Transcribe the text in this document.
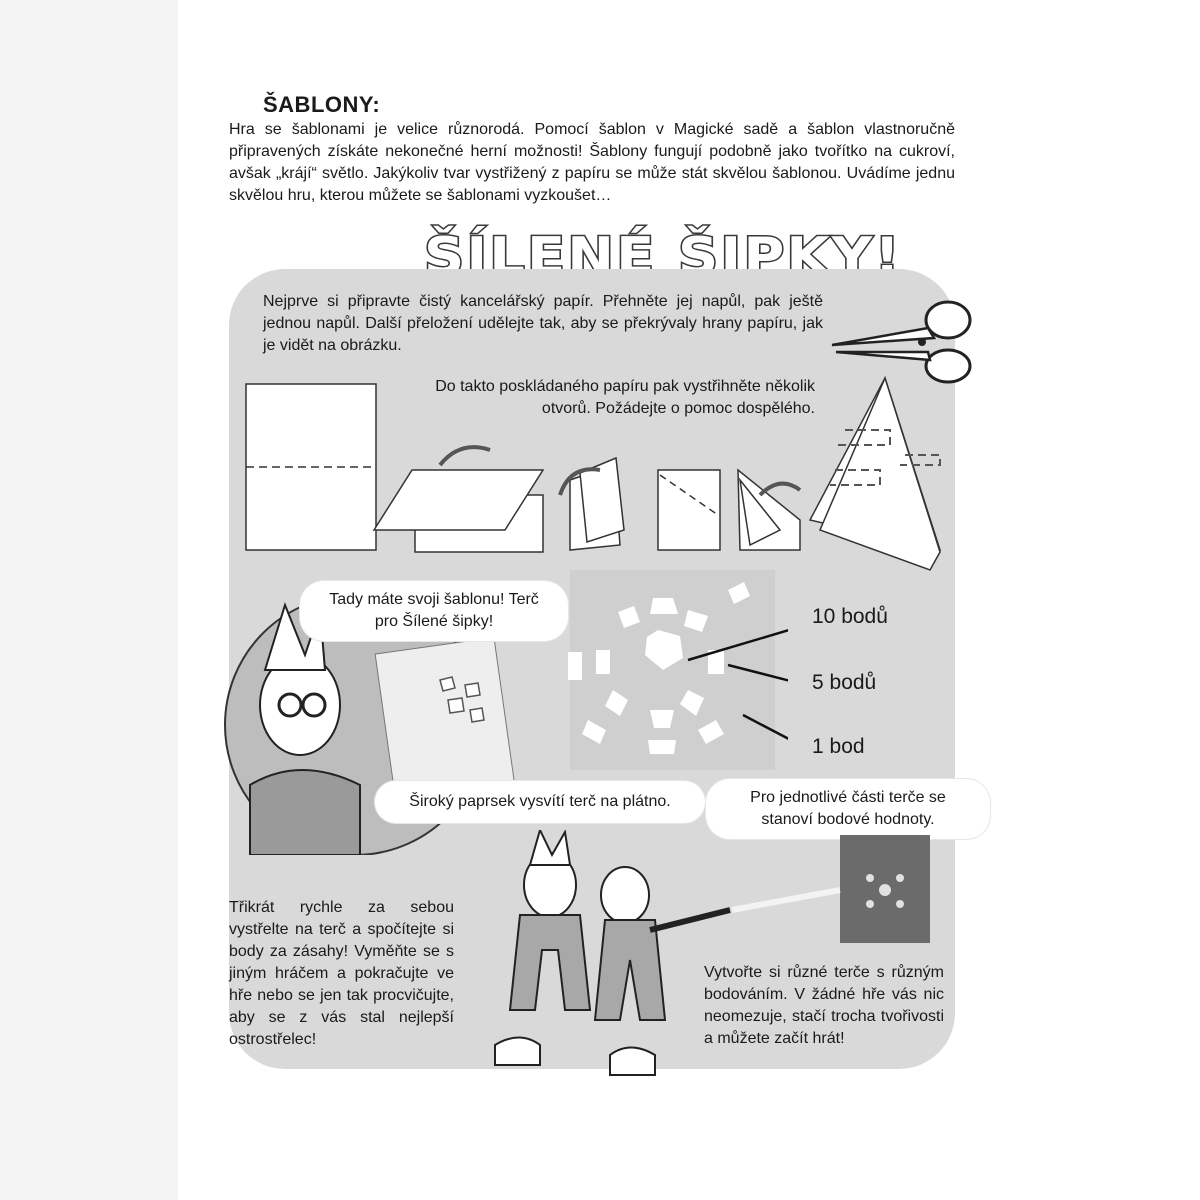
ŠABLONY:
Hra se šablonami je velice různorodá. Pomocí šablon v Magické sadě a šablon vlastnoručně připravených získáte nekonečné herní možnosti! Šablony fungují podobně jako tvořítko na cukroví, avšak „krájí“ světlo. Jakýkoliv tvar vystřižený z papíru se může stát skvělou šablonou. Uvádíme jednu skvělou hru, kterou můžete se šablonami vyzkoušet…
ŠÍLENÉ ŠIPKY!
Nejprve si připravte čistý kancelářský papír. Přehněte jej napůl, pak ještě jednou napůl. Další přeložení udělejte tak, aby se překrývaly hrany papíru, jak je vidět na obrázku.
Do takto poskládaného papíru pak vystřihněte několik otvorů. Požádejte o pomoc dospělého.
10 bodů
5 bodů
1 bod
Tady máte svoji šablonu! Terč pro Šílené šipky!
Široký paprsek vysvítí terč na plátno.	Pro jednotlivé části terče se stanoví bodové hodnoty.
Třikrát rychle za sebou vystřelte na terč a spočítejte si body za zásahy! Vyměňte se s jiným hráčem a pokračujte ve hře nebo se jen tak procvičujte, aby se z vás stal nejlepší ostrostřelec!
Vytvořte si různé terče s různým bodováním. V žádné hře vás nic neomezuje, stačí trocha tvořivosti a můžete začít hrát!
